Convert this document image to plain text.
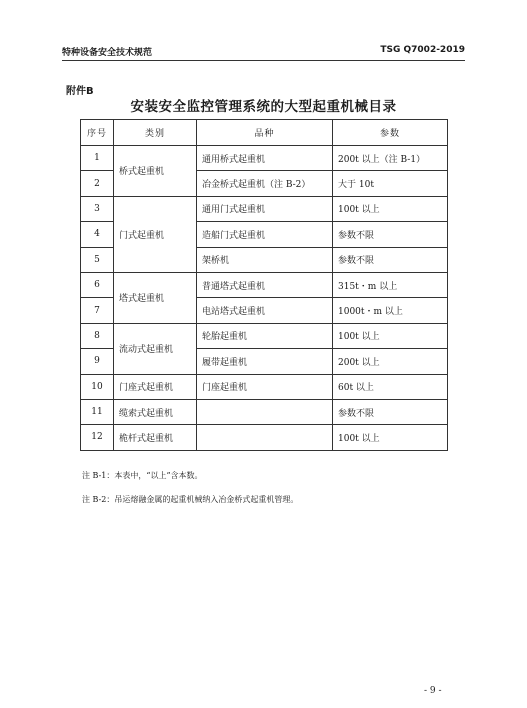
特种设备安全技术规范	TSG Q7002-2019
附件B
安装安全监控管理系统的大型起重机械目录
序号	类别	品种	参数
1	桥式起重机	通用桥式起重机	200t 以上（注 B-1）
2		冶金桥式起重机（注 B-2）	大于 10t
3	门式起重机	通用门式起重机	100t 以上
4		造船门式起重机	参数不限
5		架桥机	参数不限
6	塔式起重机	普通塔式起重机	315t・m 以上
7		电站塔式起重机	1000t・m 以上
8	流动式起重机	轮胎起重机	100t 以上
9		履带起重机	200t 以上
10	门座式起重机	门座起重机	60t 以上
11	缆索式起重机		参数不限
12	桅杆式起重机		100t 以上
注 B-1：本表中，“以上”含本数。
注 B-2：吊运熔融金属的起重机械纳入冶金桥式起重机管理。
- 9 -
